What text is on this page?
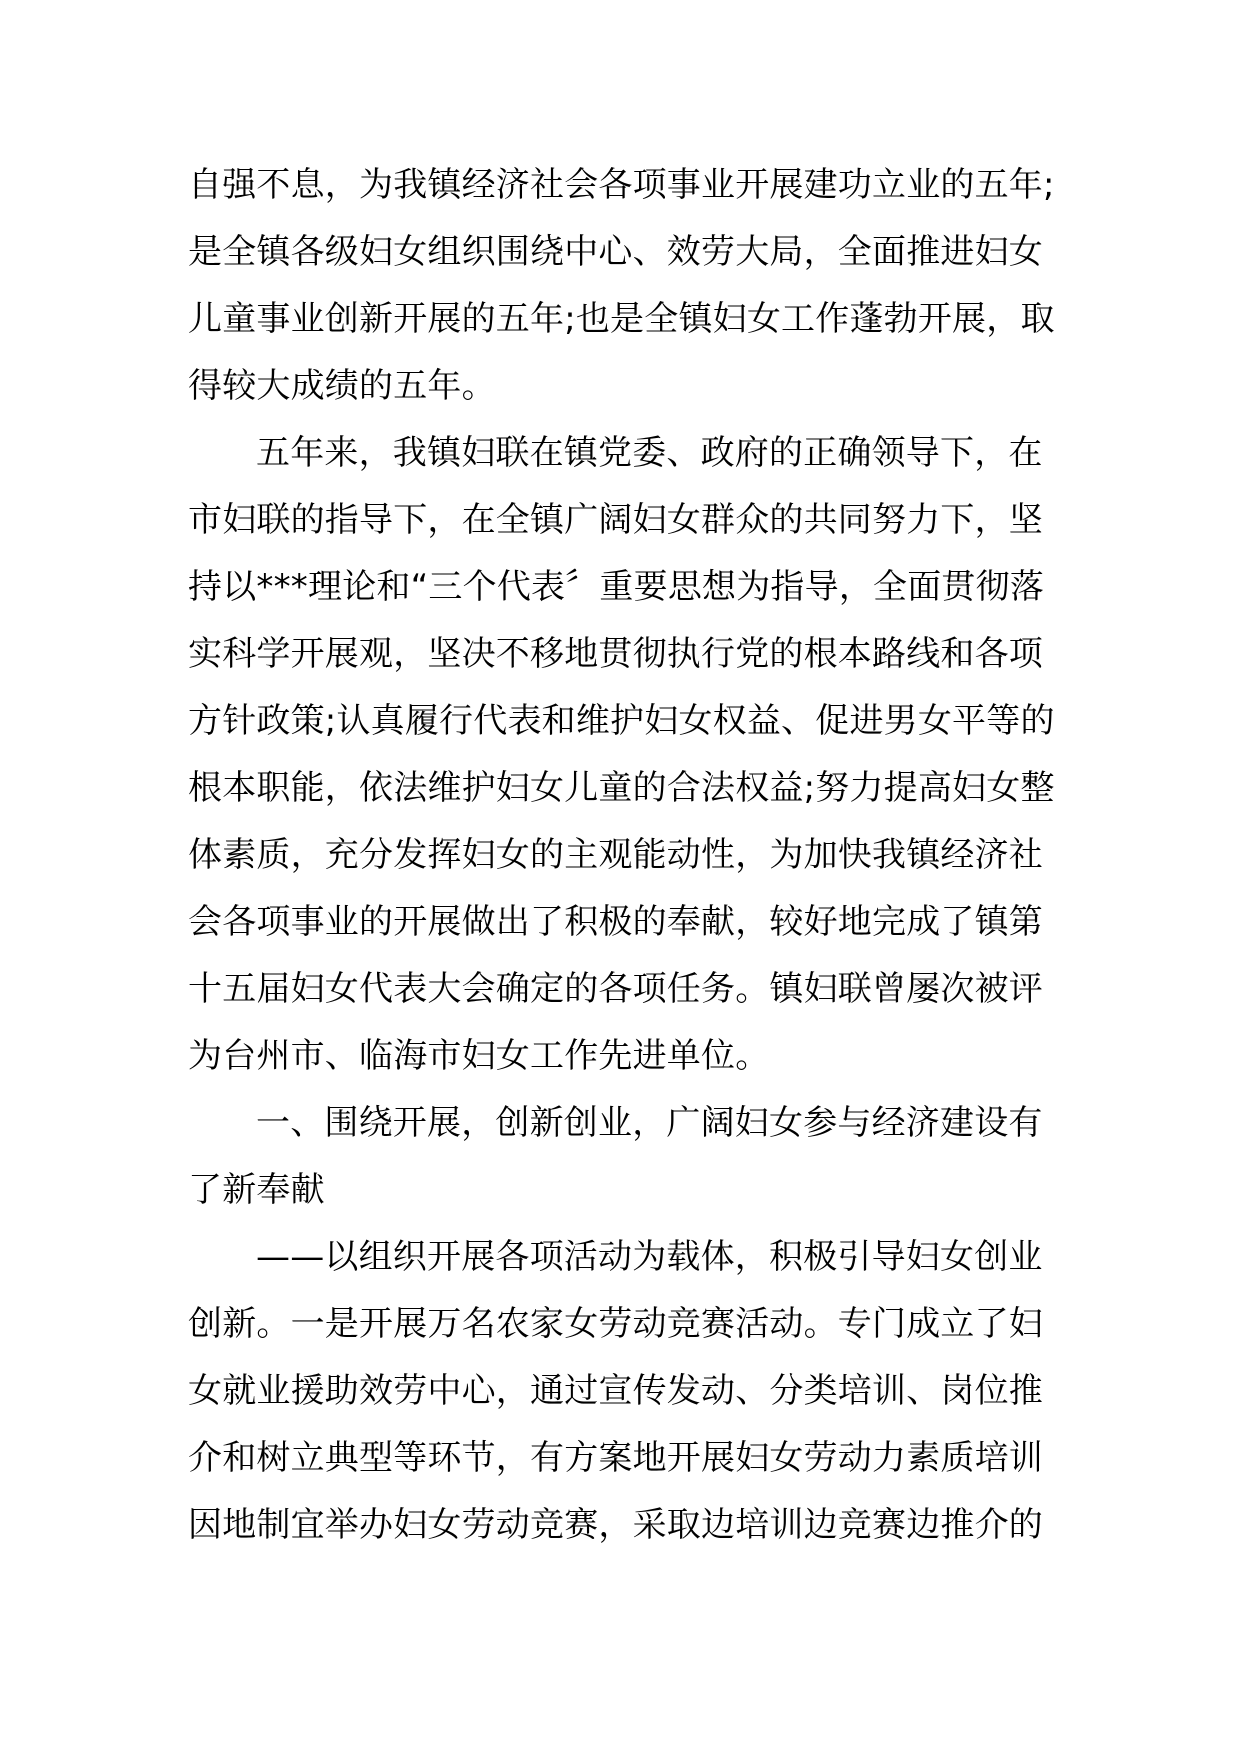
自强不息，为我镇经济社会各项事业开展建功立业的五年;
是全镇各级妇女组织围绕中心、效劳大局，全面推进妇女
儿童事业创新开展的五年;也是全镇妇女工作蓬勃开展，取
得较大成绩的五年。

五年来，我镇妇联在镇党委、政府的正确领导下，在
市妇联的指导下，在全镇广阔妇女群众的共同努力下，坚
持以***理论和“三个代表〞重要思想为指导，全面贯彻落
实科学开展观，坚决不移地贯彻执行党的根本路线和各项
方针政策;认真履行代表和维护妇女权益、促进男女平等的
根本职能，依法维护妇女儿童的合法权益;努力提高妇女整
体素质，充分发挥妇女的主观能动性，为加快我镇经济社
会各项事业的开展做出了积极的奉献，较好地完成了镇第
十五届妇女代表大会确定的各项任务。镇妇联曾屡次被评
为台州市、临海市妇女工作先进单位。

一、围绕开展，创新创业，广阔妇女参与经济建设有
了新奉献

——以组织开展各项活动为载体，积极引导妇女创业
创新。一是开展万名农家女劳动竞赛活动。专门成立了妇
女就业援助效劳中心，通过宣传发动、分类培训、岗位推
介和树立典型等环节，有方案地开展妇女劳动力素质培训
因地制宜举办妇女劳动竞赛，采取边培训边竞赛边推介的
